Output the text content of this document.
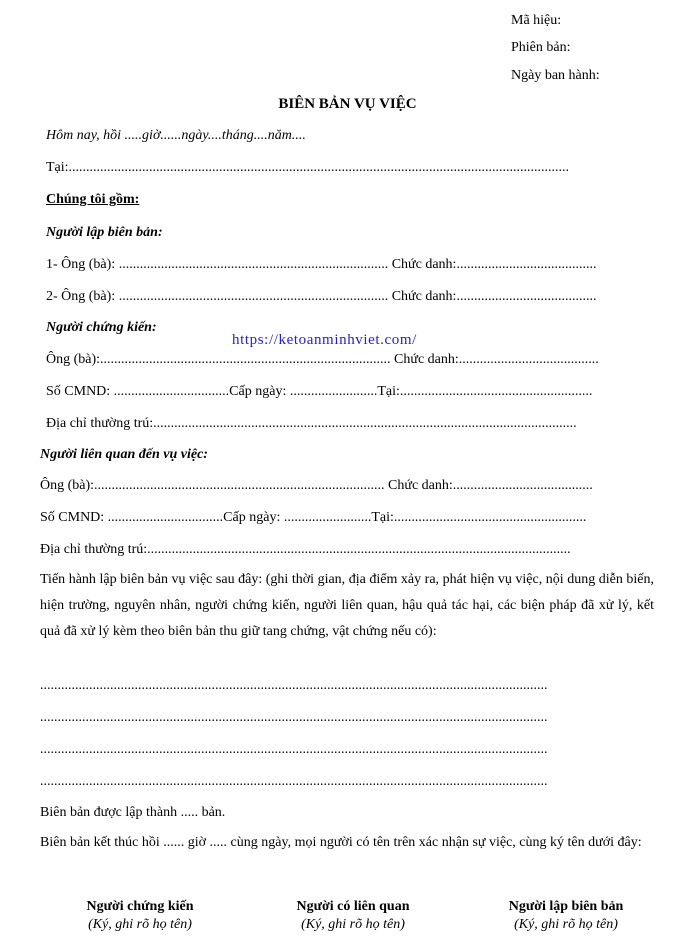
Mã hiệu:
Phiên bản:
Ngày ban hành:
BIÊN BẢN VỤ VIỆC
Hôm nay, hồi .....giờ......ngày....tháng....năm....
Tại:...............................................................................................................................................
Chúng tôi gồm:
Người lập biên bản:
1- Ông (bà): ............................................................................. Chức danh:........................................
2- Ông (bà): ............................................................................. Chức danh:........................................
Người chứng kiến:
https://ketoanminhviet.com/
Ông (bà):................................................................................... Chức danh:........................................
Số CMND: .................................Cấp ngày: .........................Tại:.......................................................
Địa chỉ thường trú:.........................................................................................................................
Người liên quan đến vụ việc:
Ông (bà):................................................................................... Chức danh:........................................
Số CMND: .................................Cấp ngày: .........................Tại:.......................................................
Địa chỉ thường trú:.........................................................................................................................
Tiến hành lập biên bản vụ việc sau đây: (ghi thời gian, địa điểm xảy ra, phát hiện vụ việc, nội dung diễn biến, hiện trường, nguyên nhân, người chứng kiến, người liên quan, hậu quả tác hại, các biện pháp đã xử lý, kết quả đã xử lý kèm theo biên bản thu giữ tang chứng, vật chứng nếu có):
.................................................................................................................................................
.................................................................................................................................................
.................................................................................................................................................
.................................................................................................................................................
Biên bản được lập thành ..... bản.
Biên bản kết thúc hồi ...... giờ ..... cùng ngày, mọi người có tên trên xác nhận sự việc, cùng ký tên dưới đây:
Người chứng kiến
(Ký, ghi rõ họ tên)
Người có liên quan
(Ký, ghi rõ họ tên)
Người lập biên bản
(Ký, ghi rõ họ tên)
